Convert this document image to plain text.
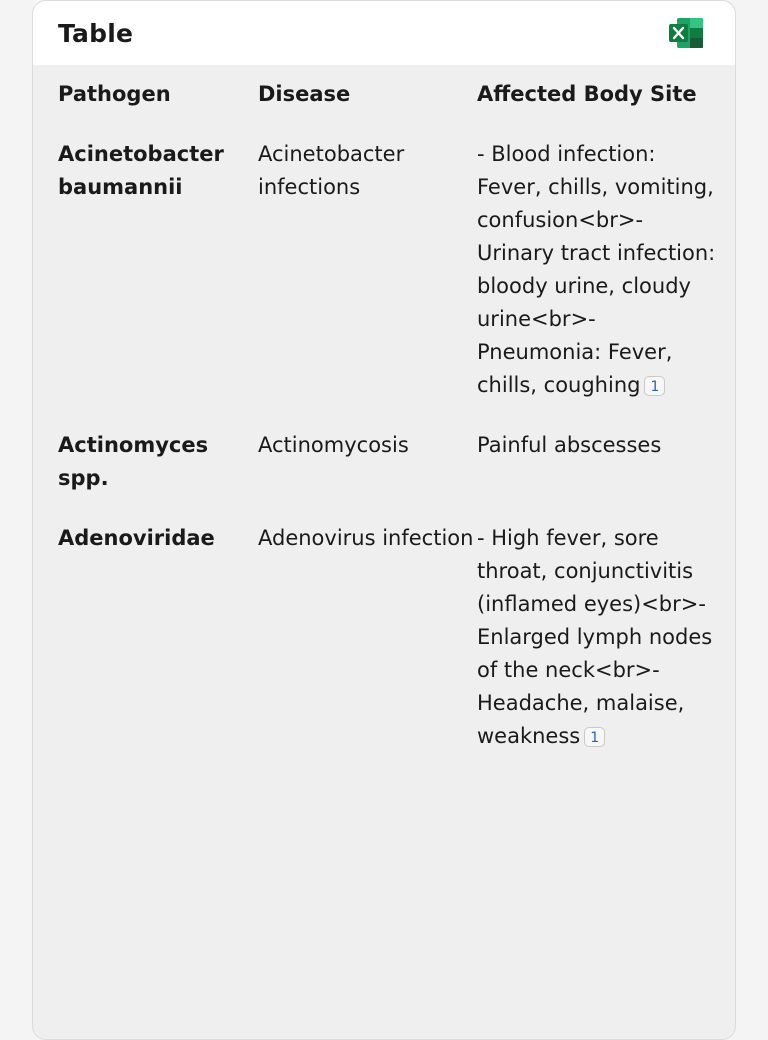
Table
Pathogen	Disease	Affected Body Site
Acinetobacter baumannii	Acinetobacter infections	- Blood infection: Fever, chills, vomiting, confusion<br>- Urinary tract infection: bloody urine, cloudy urine<br>- Pneumonia: Fever, chills, coughing 1
Actinomyces spp.	Actinomycosis	Painful abscesses
Adenoviridae	Adenovirus infection	- High fever, sore throat, conjunctivitis (inflamed eyes)<br>- Enlarged lymph nodes of the neck<br>- Headache, malaise, weakness 1
